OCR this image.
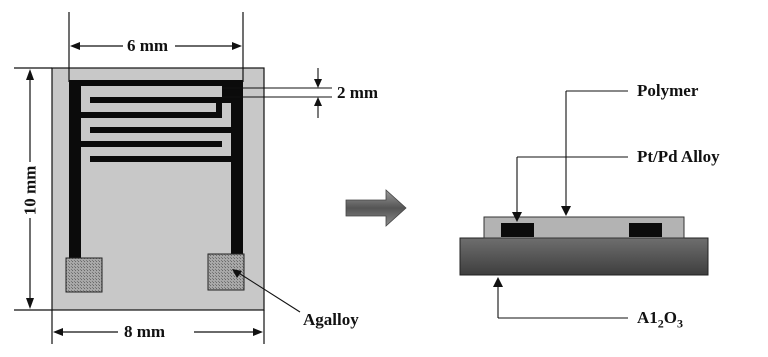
6 mm
10 mm
2 mm
8 mm
Agalloy
Polymer
Pt/Pd Alloy
$A1_2O_3$
